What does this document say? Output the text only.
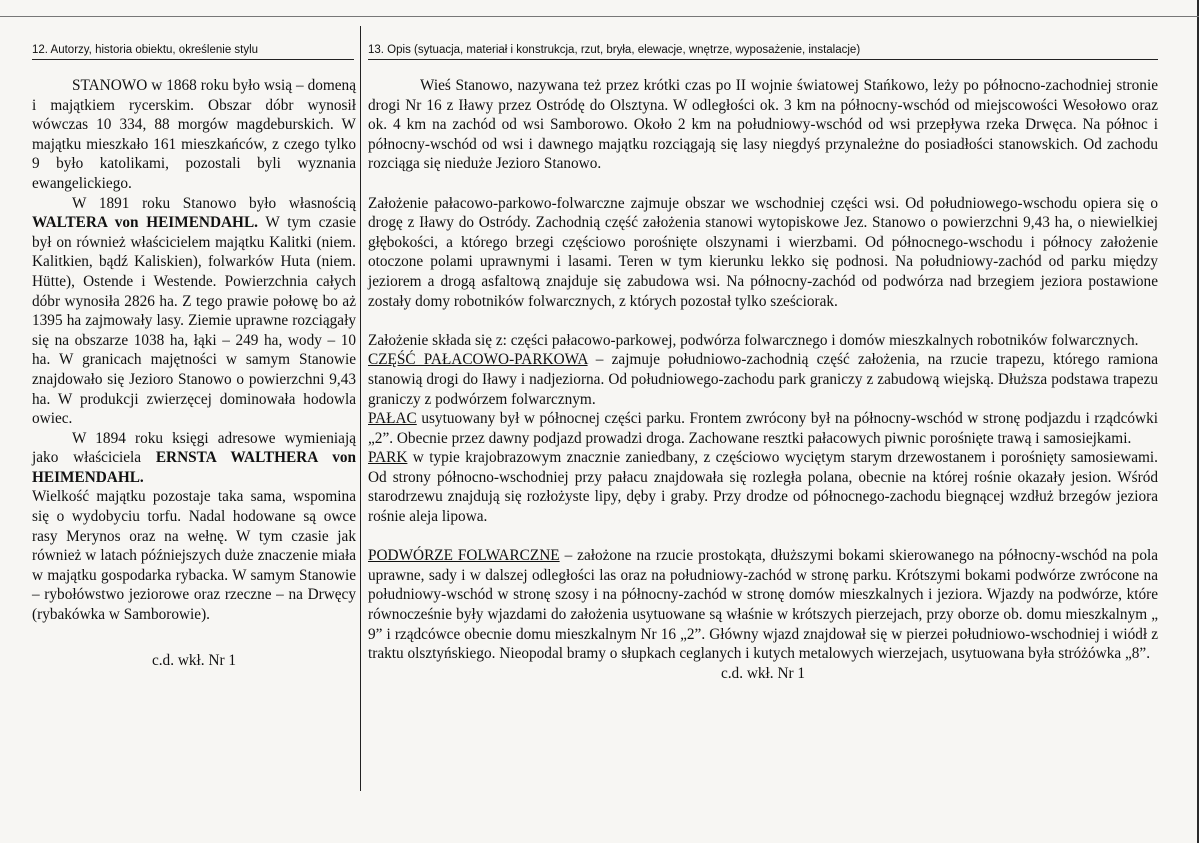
12. Autorzy, historia obiektu, określenie stylu	13. Opis (sytuacja, materiał i konstrukcja, rzut, bryła, elewacje, wnętrze, wyposażenie, instalacje)

STANOWO w 1868 roku było wsią – domeną i majątkiem rycerskim. Obszar dóbr wynosił wówczas 10 334, 88 morgów magdeburskich. W majątku mieszkało 161 mieszkańców, z czego tylko 9 było katolikami, pozostali byli wyznania ewangelickiego.

W 1891 roku Stanowo było własnością WALTERA von HEIMENDAHL. W tym czasie był on również właścicielem majątku Kalitki (niem. Kalitkien, bądź Kaliskien), folwarków Huta (niem. Hütte), Ostende i Westende. Powierzchnia całych dóbr wynosiła 2826 ha. Z tego prawie połowę bo aż 1395 ha zajmowały lasy. Ziemie uprawne rozciągały się na obszarze 1038 ha, łąki – 249 ha, wody – 10 ha. W granicach majętności w samym Stanowie znajdowało się Jezioro Stanowo o powierzchni 9,43 ha. W produkcji zwierzęcej dominowała hodowla owiec.

W 1894 roku księgi adresowe wymieniają jako właściciela ERNSTA WALTHERA von HEIMENDAHL.

Wielkość majątku pozostaje taka sama, wspomina się o wydobyciu torfu. Nadal hodowane są owce rasy Merynos oraz na wełnę. W tym czasie jak również w latach późniejszych duże znaczenie miała w majątku gospodarka rybacka. W samym Stanowie – rybołówstwo jeziorowe oraz rzeczne – na Drwęcy (rybakówka w Samborowie).

c.d. wkł. Nr 1

Wieś Stanowo, nazywana też przez krótki czas po II wojnie światowej Stańkowo, leży po północno-zachodniej stronie drogi Nr 16 z Iławy przez Ostródę do Olsztyna. W odległości ok. 3 km na północny-wschód od miejscowości Wesołowo oraz ok. 4 km na zachód od wsi Samborowo. Około 2 km na południowy-wschód od wsi przepływa rzeka Drwęca. Na północ i północny-wschód od wsi i dawnego majątku rozciągają się lasy niegdyś przynależne do posiadłości stanowskich. Od zachodu rozciąga się nieduże Jezioro Stanowo.

Założenie pałacowo-parkowo-folwarczne zajmuje obszar we wschodniej części wsi. Od południowego-wschodu opiera się o drogę z Iławy do Ostródy. Zachodnią część założenia stanowi wytopiskowe Jez. Stanowo o powierzchni 9,43 ha, o niewielkiej głębokości, a którego brzegi częściowo porośnięte olszynami i wierzbami. Od północnego-wschodu i północy założenie otoczone polami uprawnymi i lasami. Teren w tym kierunku lekko się podnosi. Na południowy-zachód od parku między jeziorem a drogą asfaltową znajduje się zabudowa wsi. Na północny-zachód od podwórza nad brzegiem jeziora postawione zostały domy robotników folwarcznych, z których pozostał tylko sześciorak.

Założenie składa się z: części pałacowo-parkowej, podwórza folwarcznego i domów mieszkalnych robotników folwarcznych.

CZĘŚĆ PAŁACOWO-PARKOWA – zajmuje południowo-zachodnią część założenia, na rzucie trapezu, którego ramiona stanowią drogi do Iławy i nadjeziorna. Od południowego-zachodu park graniczy z zabudową wiejską. Dłuższa podstawa trapezu graniczy z podwórzem folwarcznym.

PAŁAC usytuowany był w północnej części parku. Frontem zwrócony był na północny-wschód w stronę podjazdu i rządcówki „2”. Obecnie przez dawny podjazd prowadzi droga. Zachowane resztki pałacowych piwnic porośnięte trawą i samosiejkami.

PARK w typie krajobrazowym znacznie zaniedbany, z częściowo wyciętym starym drzewostanem i porośnięty samosiewami. Od strony północno-wschodniej przy pałacu znajdowała się rozległa polana, obecnie na której rośnie okazały jesion. Wśród starodrzewu znajdują się rozłożyste lipy, dęby i graby. Przy drodze od północnego-zachodu biegnącej wzdłuż brzegów jeziora rośnie aleja lipowa.

PODWÓRZE FOLWARCZNE – założone na rzucie prostokąta, dłuższymi bokami skierowanego na północny-wschód na pola uprawne, sady i w dalszej odległości las oraz na południowy-zachód w stronę parku. Krótszymi bokami podwórze zwrócone na południowy-wschód w stronę szosy i na północny-zachód w stronę domów mieszkalnych i jeziora. Wjazdy na podwórze, które równocześnie były wjazdami do założenia usytuowane są właśnie w krótszych pierzejach, przy oborze ob. domu mieszkalnym „ 9” i rządcówce obecnie domu mieszkalnym Nr 16 „2”. Główny wjazd znajdował się w pierzei południowo-wschodniej i wiódł z traktu olsztyńskiego. Nieopodal bramy o słupkach ceglanych i kutych metalowych wierzejach, usytuowana była stróżówka „8”.

c.d. wkł. Nr 1
